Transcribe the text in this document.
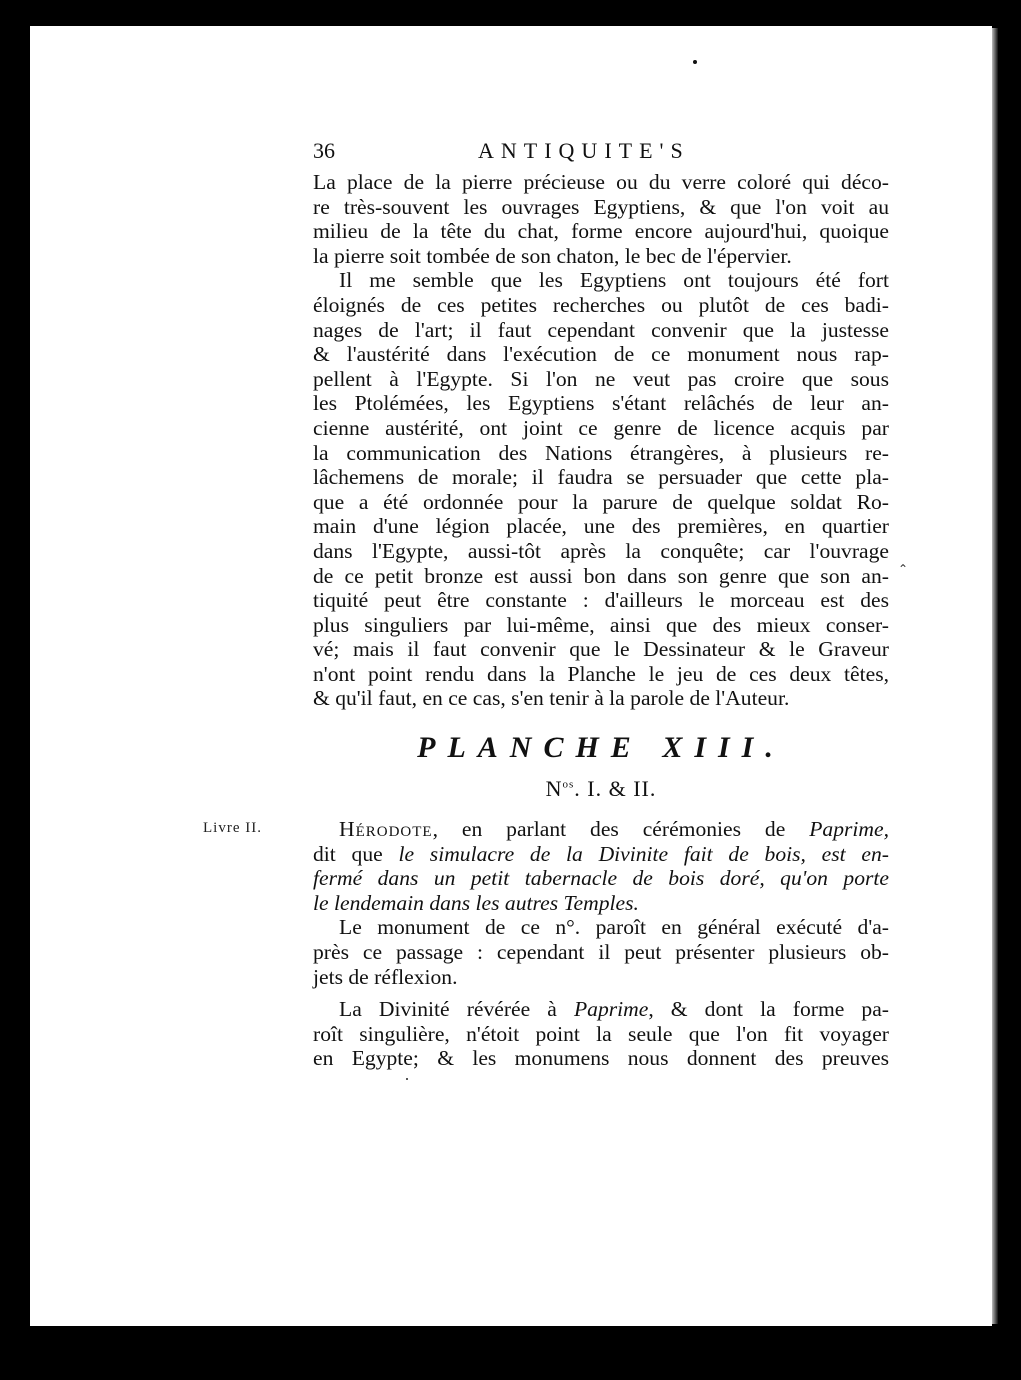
⌃
36	ANTIQUITE'S
La place de la pierre précieuse ou du verre coloré qui déco-
re très-souvent les ouvrages Egyptiens, & que l'on voit au
milieu de la tête du chat, forme encore aujourd'hui, quoique
la pierre soit tombée de son chaton, le bec de l'épervier.
Il me semble que les Egyptiens ont toujours été fort
éloignés de ces petites recherches ou plutôt de ces badi-
nages de l'art; il faut cependant convenir que la justesse
& l'austérité dans l'exécution de ce monument nous rap-
pellent à l'Egypte. Si l'on ne veut pas croire que sous
les Ptolémées, les Egyptiens s'étant relâchés de leur an-
cienne austérité, ont joint ce genre de licence acquis par
la communication des Nations étrangères, à plusieurs re-
lâchemens de morale; il faudra se persuader que cette pla-
que a été ordonnée pour la parure de quelque soldat Ro-
main d'une légion placée, une des premières, en quartier
dans l'Egypte, aussi-tôt après la conquête; car l'ouvrage
de ce petit bronze est aussi bon dans son genre que son an-
tiquité peut être constante : d'ailleurs le morceau est des
plus singuliers par lui-même, ainsi que des mieux conser-
vé; mais il faut convenir que le Dessinateur & le Graveur
n'ont point rendu dans la Planche le jeu de ces deux têtes,
& qu'il faut, en ce cas, s'en tenir à la parole de l'Auteur.
PLANCHE XIII.
$N^{os}$. I. & II.
Livre II.	Hérodote, en parlant des cérémonies de Paprime,
dit que le simulacre de la Divinite fait de bois, est en-
fermé dans un petit tabernacle de bois doré, qu'on porte
le lendemain dans les autres Temples.
Le monument de ce n°. paroît en général exécuté d'a-
près ce passage : cependant il peut présenter plusieurs ob-
jets de réflexion.
La Divinité révérée à Paprime, & dont la forme pa-
roît singulière, n'étoit point la seule que l'on fit voyager
en Egypte; & les monumens nous donnent des preuves
